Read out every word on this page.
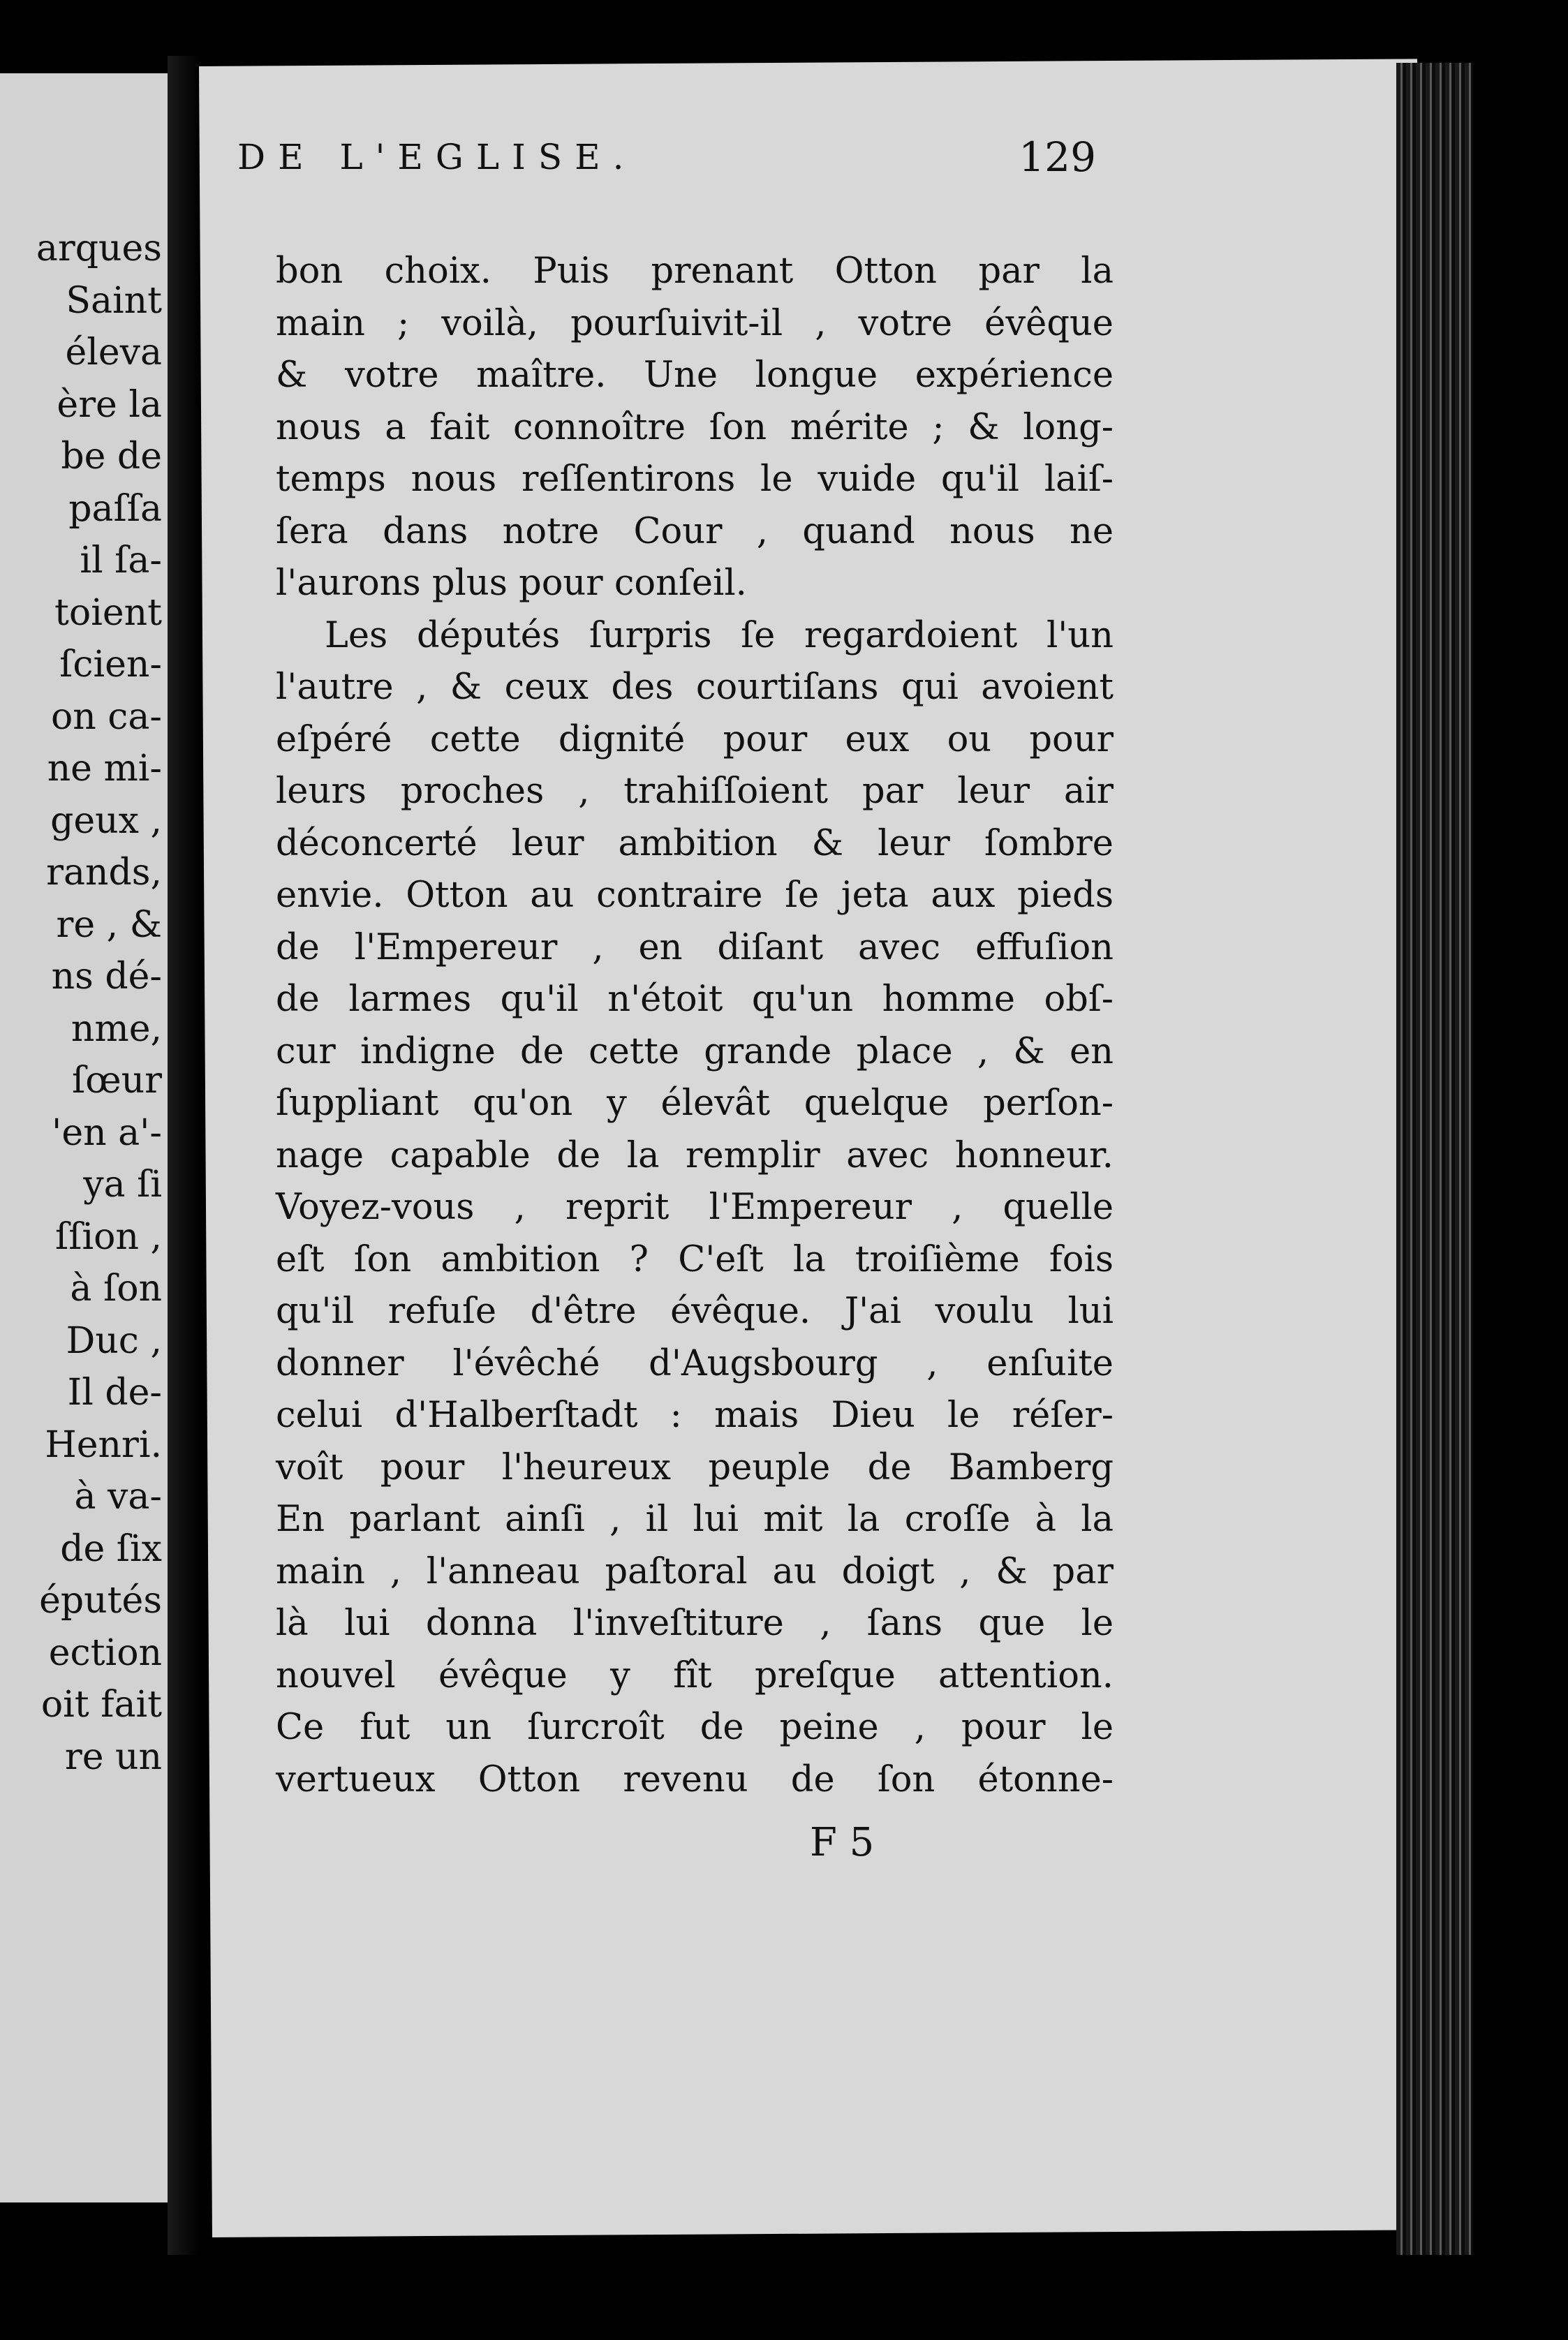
arques
Saint
éleva
ère la
be de
paſſa
il ſa-
toient
ſcien-
on ca-
ne mi-
geux ,
rands,
re , &
ns dé-
nme,
ſœur
'en a'-
ya ſi
ſſion ,
à ſon
Duc ,
Il de-
Henri.
à va-
de ſix
éputés
ection
oit fait
re un
DE L'EGLISE.	129
bon choix. Puis prenant Otton par la
main ; voilà, pourſuivit-il , votre évêque
& votre maître. Une longue expérience
nous a fait connoître ſon mérite ; & long-
temps nous reſſentirons le vuide qu'il laiſ-
ſera dans notre Cour , quand nous ne
l'aurons plus pour conſeil.
Les députés ſurpris ſe regardoient l'un
l'autre , & ceux des courtiſans qui avoient
eſpéré cette dignité pour eux ou pour
leurs proches , trahiſſoient par leur air
déconcerté leur ambition & leur ſombre
envie. Otton au contraire ſe jeta aux pieds
de l'Empereur , en diſant avec effuſion
de larmes qu'il n'étoit qu'un homme obſ-
cur indigne de cette grande place , & en
ſuppliant qu'on y élevât quelque perſon-
nage capable de la remplir avec honneur.
Voyez-vous , reprit l'Empereur , quelle
eſt ſon ambition ? C'eſt la troiſième fois
qu'il refuſe d'être évêque. J'ai voulu lui
donner l'évêché d'Augsbourg , enſuite
celui d'Halberſtadt : mais Dieu le réſer-
voît pour l'heureux peuple de Bamberg
En parlant ainſi , il lui mit la croſſe à la
main , l'anneau paſtoral au doigt , & par
là lui donna l'inveſtiture , ſans que le
nouvel évêque y fît preſque attention.
Ce fut un ſurcroît de peine , pour le
vertueux Otton revenu de ſon étonne-
F 5
